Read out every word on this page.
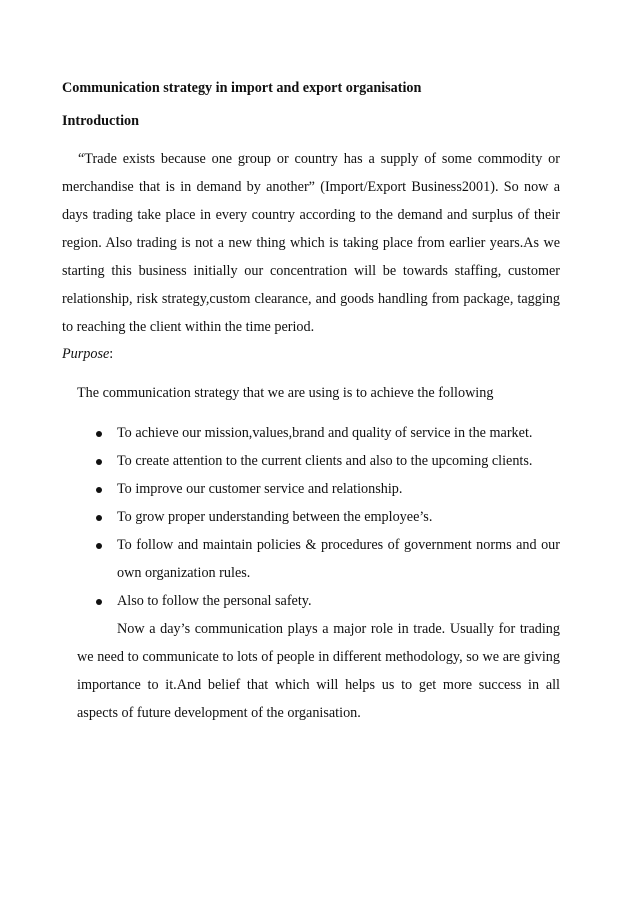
Communication strategy in import and export organisation
Introduction
“Trade exists because one group or country has a supply of some commodity or merchandise that is in demand by another” (Import/Export Business2001). So now a days trading take place in every country according to the demand and surplus of their region. Also trading is not a new thing which is taking place from earlier years.As we starting this business initially our concentration will be towards staffing, customer relationship, risk strategy,custom clearance, and goods handling from package, tagging to reaching the client within the time period.
Purpose:
The communication strategy that we are using is to achieve the following
To achieve our mission,values,brand and quality of service in the market.
To create attention to the current clients and also to the upcoming clients.
To improve our customer service and relationship.
To grow proper understanding between the employee’s.
To follow and maintain policies & procedures of government norms and our own organization rules.
Also to follow the personal safety.
Now a day’s communication plays a major role in trade. Usually for trading we need to communicate to lots of people in different methodology, so we are giving importance to it.And belief that which will helps us to get more success in all aspects of future development of the organisation.
